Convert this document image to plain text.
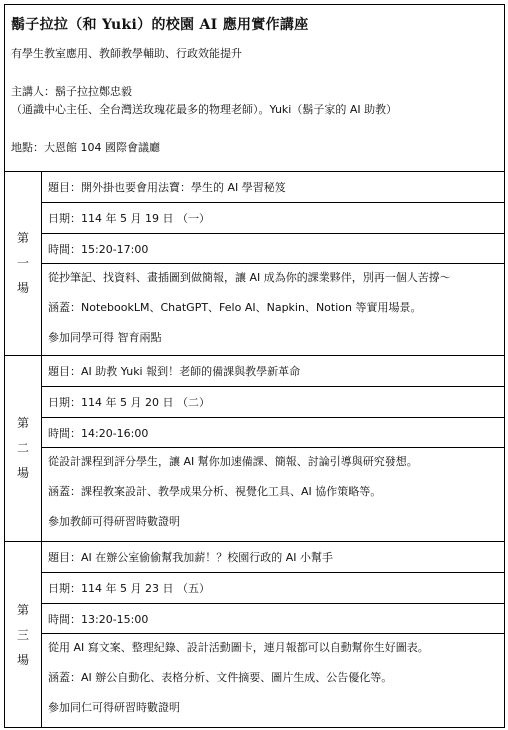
鬍子拉拉（和 Yuki）的校園 AI 應用實作講座
有學生教室應用、教師教學輔助、行政效能提升
主講人：鬍子拉拉鄭忠毅
（通識中心主任、全台灣送玫瑰花最多的物理老師）。Yuki（鬍子家的 AI 助教）
地點：大恩館 104 國際會議廳
第
一
場
題目：開外掛也要會用法寶：學生的 AI 學習秘笈
日期：114 年 5 月 19 日 （一）
時間：15:20-17:00

從抄筆記、找資料、畫插圖到做簡報，讓 AI 成為你的課業夥伴，別再一個人苦撐～

涵蓋：NotebookLM、ChatGPT、Felo AI、Napkin、Notion 等實用場景。

參加同學可得 智育兩點

第
二
場
題目：AI 助教 Yuki 報到！老師的備課與教學新革命
日期：114 年 5 月 20 日 （二）
時間：14:20-16:00

從設計課程到評分學生，讓 AI 幫你加速備課、簡報、討論引導與研究發想。

涵蓋：課程教案設計、教學成果分析、視覺化工具、AI 協作策略等。

參加教師可得研習時數證明

第
三
場
題目：AI 在辦公室偷偷幫我加薪！？校園行政的 AI 小幫手
日期：114 年 5 月 23 日 （五）
時間：13:20-15:00

從用 AI 寫文案、整理紀錄、設計活動圖卡，連月報都可以自動幫你生好圖表。

涵蓋：AI 辦公自動化、表格分析、文件摘要、圖片生成、公告優化等。

參加同仁可得研習時數證明
